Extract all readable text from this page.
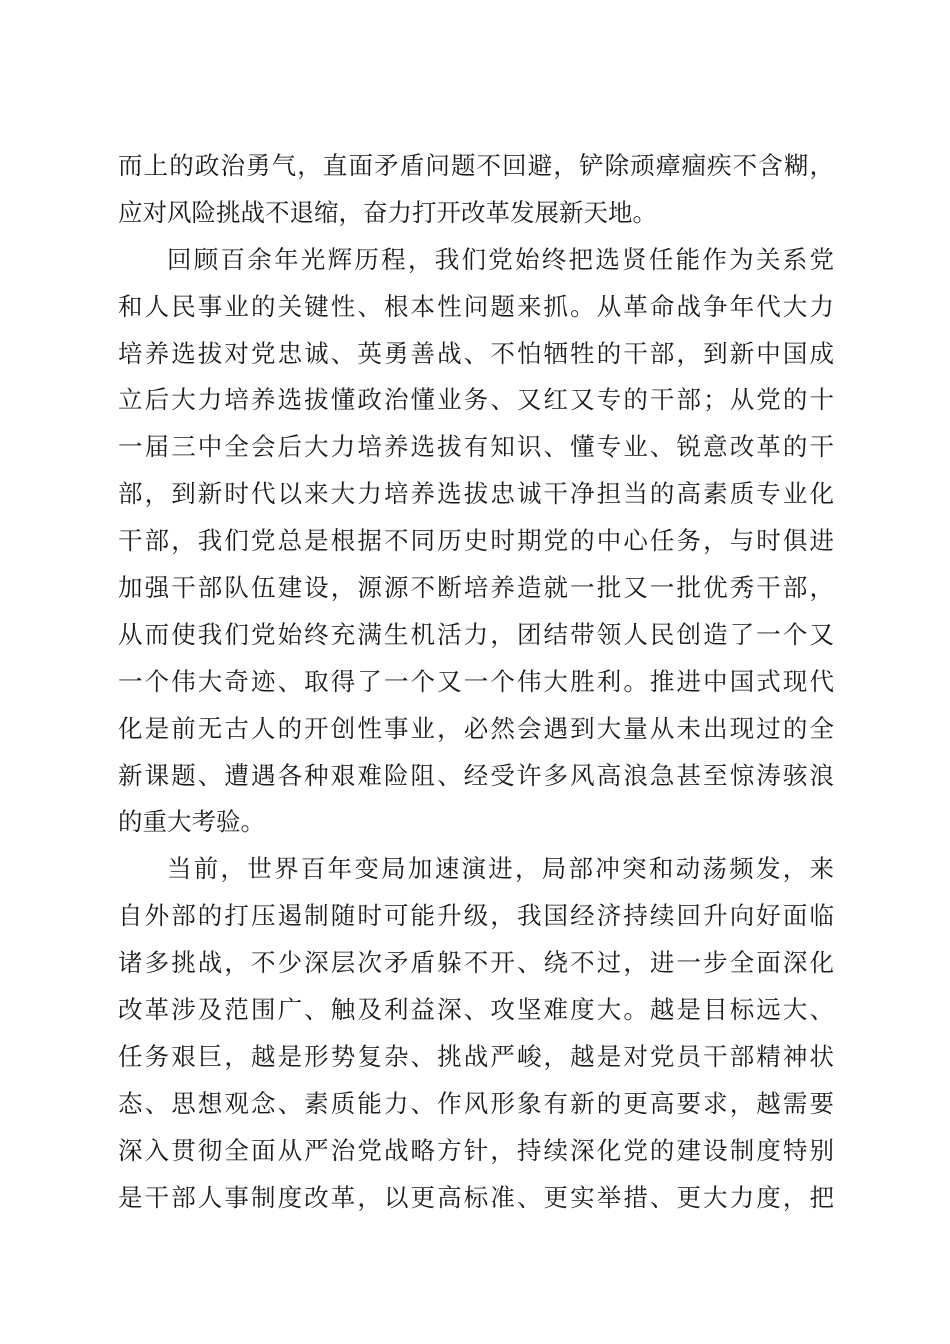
而上的政治勇气，直面矛盾问题不回避，铲除顽瘴痼疾不含糊，
应对风险挑战不退缩，奋力打开改革发展新天地。
回顾百余年光辉历程，我们党始终把选贤任能作为关系党
和人民事业的关键性、根本性问题来抓。从革命战争年代大力
培养选拔对党忠诚、英勇善战、不怕牺牲的干部，到新中国成
立后大力培养选拔懂政治懂业务、又红又专的干部；从党的十
一届三中全会后大力培养选拔有知识、懂专业、锐意改革的干
部，到新时代以来大力培养选拔忠诚干净担当的高素质专业化
干部，我们党总是根据不同历史时期党的中心任务，与时俱进
加强干部队伍建设，源源不断培养造就一批又一批优秀干部，
从而使我们党始终充满生机活力，团结带领人民创造了一个又
一个伟大奇迹、取得了一个又一个伟大胜利。推进中国式现代
化是前无古人的开创性事业，必然会遇到大量从未出现过的全
新课题、遭遇各种艰难险阻、经受许多风高浪急甚至惊涛骇浪
的重大考验。
当前，世界百年变局加速演进，局部冲突和动荡频发，来
自外部的打压遏制随时可能升级，我国经济持续回升向好面临
诸多挑战，不少深层次矛盾躲不开、绕不过，进一步全面深化
改革涉及范围广、触及利益深、攻坚难度大。越是目标远大、
任务艰巨，越是形势复杂、挑战严峻，越是对党员干部精神状
态、思想观念、素质能力、作风形象有新的更高要求，越需要
深入贯彻全面从严治党战略方针，持续深化党的建设制度特别
是干部人事制度改革，以更高标准、更实举措、更大力度，把
